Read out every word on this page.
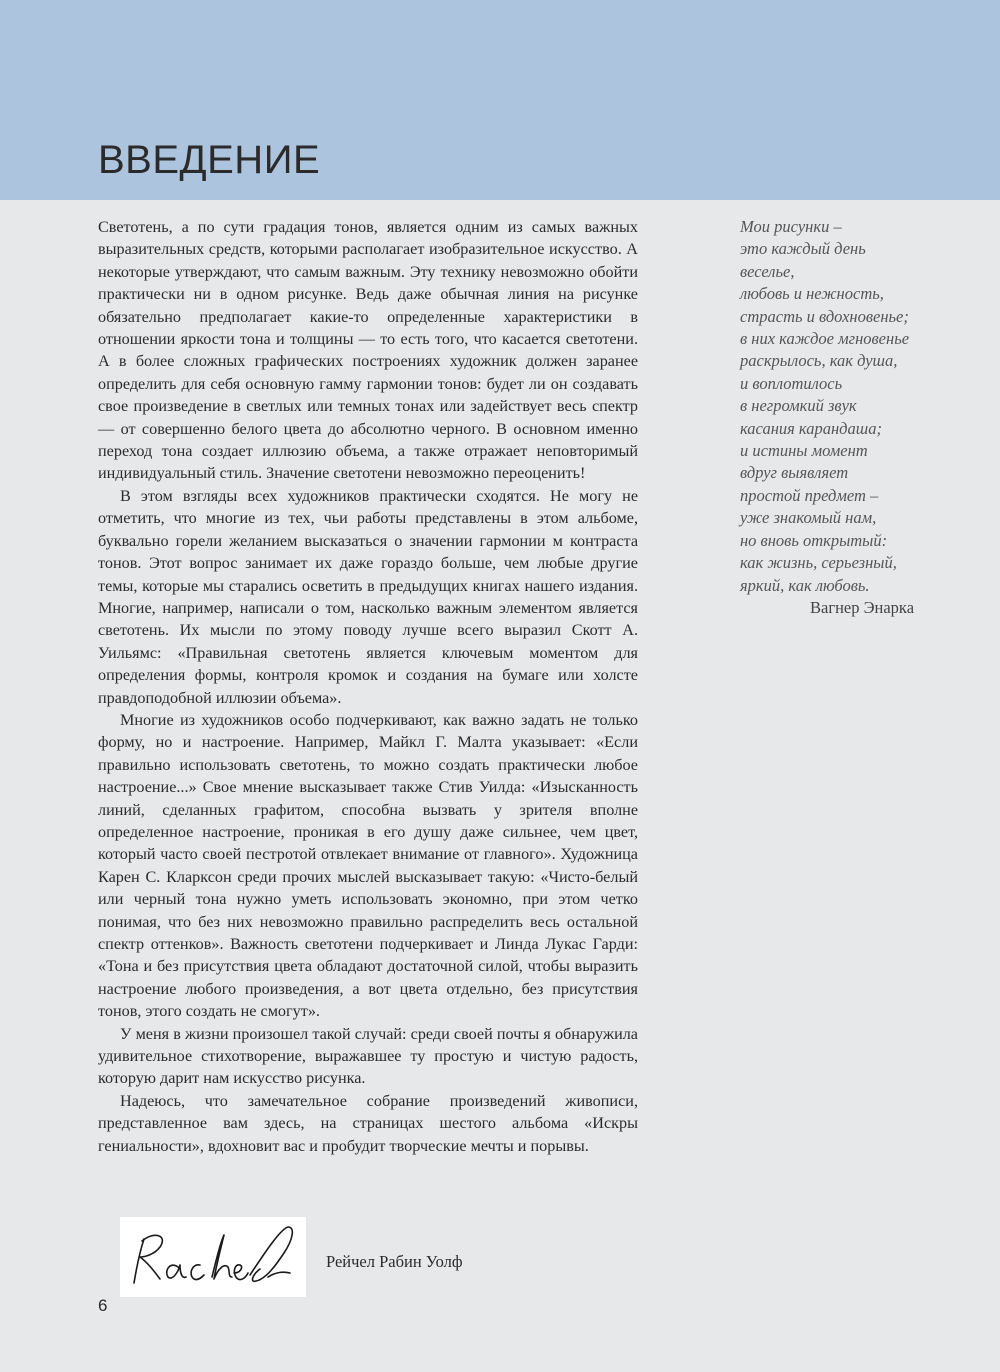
ВВЕДЕНИЕ

Светотень, а по сути градация тонов, является одним из самых важных выразительных средств, которыми располагает изобразительное искусство. А некоторые утверждают, что самым важным. Эту технику невозможно обойти практически ни в одном рисунке. Ведь даже обычная линия на рисунке обязательно предполагает какие-то определенные характеристики в отношении яркости тона и толщины — то есть того, что касается светотени. А в более сложных графических построениях художник должен заранее определить для себя основную гамму гармонии тонов: будет ли он создавать свое произведение в светлых или темных тонах или задействует весь спектр — от совершенно белого цвета до абсолютно черного. В основном именно переход тона создает иллюзию объема, а также отражает неповторимый индивидуальный стиль. Значение светотени невозможно переоценить!

В этом взгляды всех художников практически сходятся. Не могу не отметить, что многие из тех, чьи работы представлены в этом альбоме, буквально горели желанием высказаться о значении гармонии м контраста тонов. Этот вопрос занимает их даже гораздо больше, чем любые другие темы, которые мы старались осветить в предыдущих книгах нашего издания. Многие, например, написали о том, насколько важным элементом является светотень. Их мысли по этому поводу лучше всего выразил Скотт А. Уильямс: «Правильная светотень является ключевым моментом для определения формы, контроля кромок и создания на бумаге или холсте правдоподобной иллюзии объема».

Многие из художников особо подчеркивают, как важно задать не только форму, но и настроение. Например, Майкл Г. Малта указывает: «Если правильно использовать светотень, то можно создать практически любое настроение...» Свое мнение высказывает также Стив Уилда: «Изысканность линий, сделанных графитом, способна вызвать у зрителя вполне определенное настроение, проникая в его душу даже сильнее, чем цвет, который часто своей пестротой отвлекает внимание от главного». Художница Карен С. Кларксон среди прочих мыслей высказывает такую: «Чисто-белый или черный тона нужно уметь использовать экономно, при этом четко понимая, что без них невозможно правильно распределить весь остальной спектр оттенков». Важность светотени подчеркивает и Линда Лукас Гарди: «Тона и без присутствия цвета обладают достаточной силой, чтобы выразить настроение любого произведения, а вот цвета отдельно, без присутствия тонов, этого создать не смогут».

У меня в жизни произошел такой случай: среди своей почты я обнаружила удивительное стихотворение, выражавшее ту простую и чистую радость, которую дарит нам искусство рисунка.

Надеюсь, что замечательное собрание произведений живописи, представленное вам здесь, на страницах шестого альбома «Искры гениальности», вдохновит вас и пробудит творческие мечты и порывы.

Мои рисунки –
это каждый день
веселье,
любовь и нежность,
страсть и вдохновенье;
в них каждое мгновенье
раскрылось, как душа,
и воплотилось
в негромкий звук
касания карандаша;
и истины момент
вдруг выявляет
простой предмет –
уже знакомый нам,
но вновь открытый:
как жизнь, серьезный,
яркий, как любовь.
Вагнер Энарка
Рейчел Рабин Уолф
6
